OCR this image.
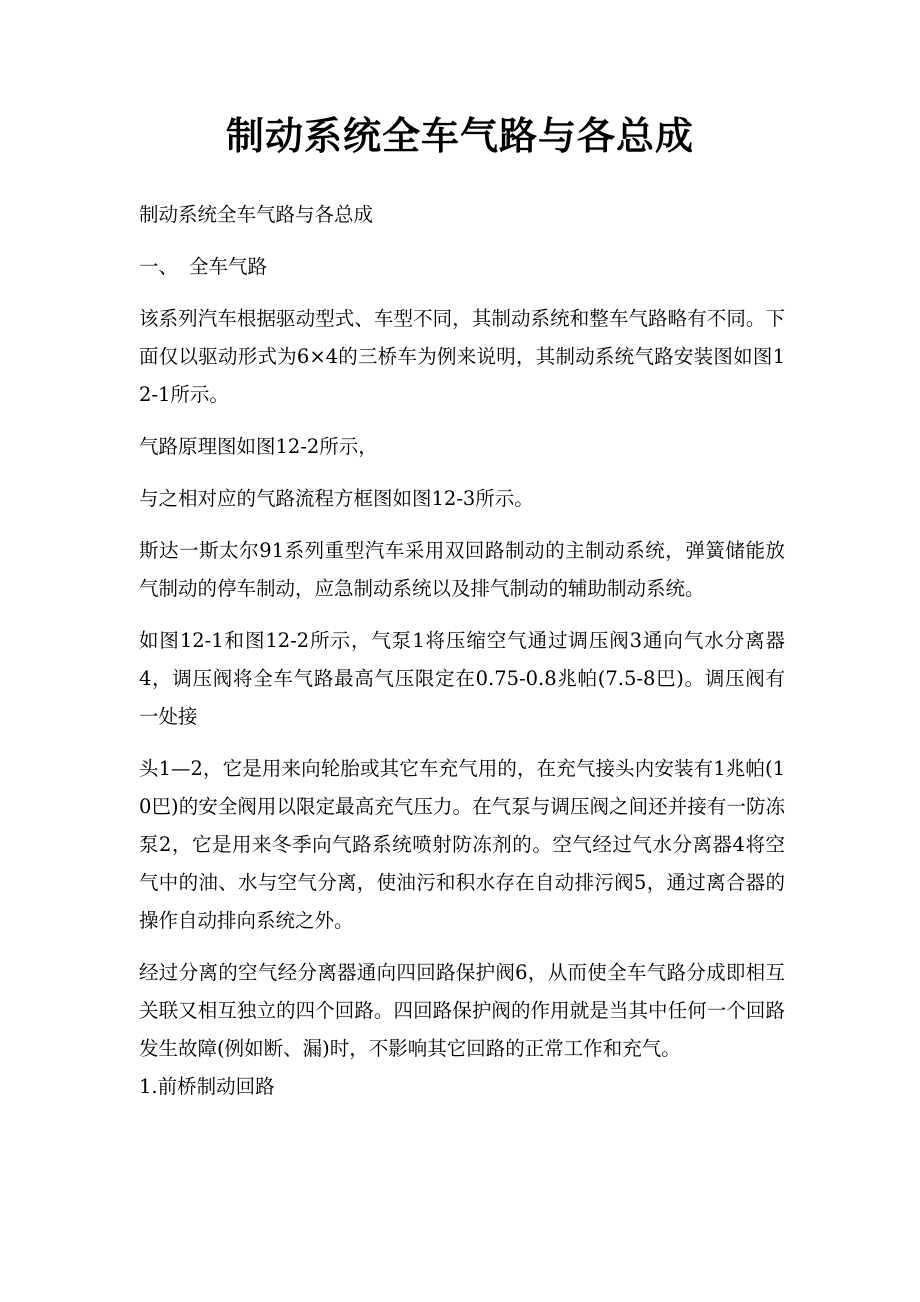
制动系统全车气路与各总成

制动系统全车气路与各总成

一、 全车气路

该系列汽车根据驱动型式、车型不同，其制动系统和整车气路略有不同。下面仅以驱动形式为6×4的三桥车为例来说明，其制动系统气路安装图如图12-1所示。

气路原理图如图12-2所示，

与之相对应的气路流程方框图如图12-3所示。

斯达一斯太尔91系列重型汽车采用双回路制动的主制动系统，弹簧储能放气制动的停车制动，应急制动系统以及排气制动的辅助制动系统。

如图12-1和图12-2所示，气泵1将压缩空气通过调压阀3通向气水分离器4，调压阀将全车气路最高气压限定在0.75-0.8兆帕(7.5-8巴)。调压阀有一处接

头1—2，它是用来向轮胎或其它车充气用的，在充气接头内安装有1兆帕(10巴)的安全阀用以限定最高充气压力。在气泵与调压阀之间还并接有一防冻泵2，它是用来冬季向气路系统喷射防冻剂的。空气经过气水分离器4将空气中的油、水与空气分离，使油污和积水存在自动排污阀5，通过离合器的操作自动排向系统之外。

经过分离的空气经分离器通向四回路保护阀6，从而使全车气路分成即相互关联又相互独立的四个回路。四回路保护阀的作用就是当其中任何一个回路发生故障(例如断、漏)时，不影响其它回路的正常工作和充气。

1.前桥制动回路
